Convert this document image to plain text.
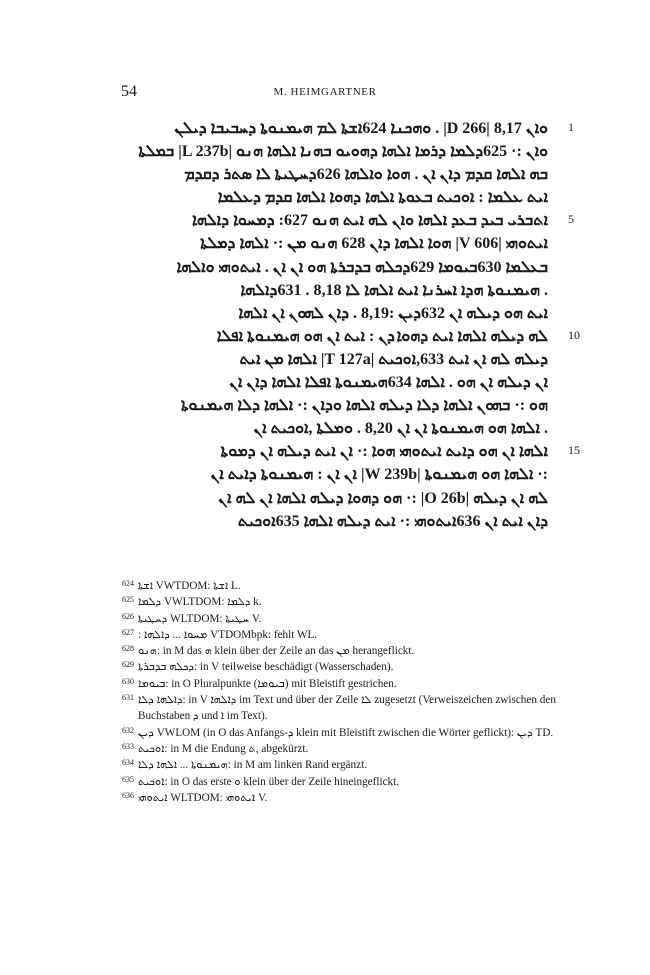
54	M. HEIMGARTNER
ܘܐܢ 8,17 |D 266| . ܘܗܟܢܐ 624ܐܫܬܐ ܠܡ ܗܝܡܢܘܬܐ ܕܚܒܝܒܐ ܕܝܠܢ 1
ܘܐܢ :· 625ܕܠܡܐ ܕܪܡܐ ܐܠܗܐ ܕܗܘܝܘ ܒܗܢܐ ܐܠܗܐ ܗܢܘ |L 237b| ܒܡܠܬܐ
ܒܗ ܐܠܗܐ ܩܕܡ ܕܐܢ ܐܢ . ܗܘܐ ܘܐܠܗܐ 626ܕܚܛܝܬܐ ܠܐ ܣܬܪ ܕܩܕܡ
ܐܝܬ ܥܠܡܐ : ܐܘܟܝܬ ܒܥܘܬܐ ܐܠܗܐ ܕܗܘܐ ܐܠܗܐ ܩܕܡ ܕܥܠܡܐ
ܐܬܒܪܝ ܒܝܕ ܒܥܕ ܐܠܗܐ ܘܐܢ ܠܗ ܐܝܬ ܗܢܘ 627: ܕܡܚܘܐ ܕܐܠܗܐ 5
ܐܝܬܘܗܝ |V 606| ܗܘܐ ܐܠܗܐ ܕܐܢ 628 ܗܢܘ ܡܢ :· ܐܠܗܐ ܕܡܠܬܐ
ܒܥܠܡܐ 630ܒܝܘܡܐ 629ܕܟܠܗ ܒܕܒܪܬܐ ܗܘ ܐܢ ܐܢ . ܐܝܬܘܗܝ ܘܐܠܗܐ
. ܗܝܡܢܘܬܐ ܗܕܐ ܐܚܪܢܐ ܐܝܬ ܐܠܗܐ ܠܐ 8,18 . 631ܕܐܠܗܐ
ܐܝܬ ܗܘ ܕܝܠܗ ܐܢ 632ܕܝܢ :8,19 . ܕܐܢ ܠܗܘܢ ܐܢ ܐܠܗܐ
ܠܗ ܕܝܠܗ ܐܠܗܐ ܐܝܬ ܕܗܘܐ ܕܢ : ܐܝܬ ܐܢ ܗܘ ܗܝܡܢܘܬܐ ܐܦܠܐ 10
ܕܝܠܗ ܠܗ ܐܢ ܐܝܬ 633,ܐܘܟܝܬ |T 127a| ܐܠܗܐ ܡܢ ܐܝܬ
ܐܢ ܕܝܠܗ ܐܢ ܗܘ . ܐܠܗܐ 634ܗܝܡܢܘܬܐ ܐܦܠܐ ܐܠܗܐ ܕܐܢ ܐܢ
ܗܘ :· ܒܗܘܢ ܐܠܗܐ ܕܠܐ ܕܝܠܗ ܐܠܗܐ ܘܕܐܢ :· ܐܠܗܐ ܕܠܐ ܗܝܡܢܘܬܐ
. ܐܠܗܐ ܗܘ ܗܝܡܢܘܬܐ ܐܢ ܐܢ 8,20 . ܘܡܠܬܐ ,ܐܘܟܝܬ ܐܢ
ܐܠܗܐ ܐܢ ܗܘ ܕܐܝܬ ܐܝܬܘܗܝ ܗܘܐ :· ܐܢ ܐܝܬ ܕܝܠܗ ܐܢ ܕܡܘܬܐ 15
:· ܐܠܗܐ ܗܘ ܗܝܡܢܘܬܐ |W 239b| ܐܢ ܐܢ : ܗܝܡܢܘܬܐ ܕܐܝܬ ܐܢ
ܠܗ ܐܢ ܕܝܠܗ |O 26b| :· ܗܘ ܕܗܘܐ ܕܝܠܗ ܐܠܗܐ ܐܢ ܠܗ ܐܢ
ܕܐܢ ܐܝܬ ܐܢ 636ܐܝܬܘܗܝ :· ܐܝܬ ܕܝܠܗ ܐܠܗܐ 635ܐܘܟܝܬ
624 ܐܫܬܐ VWTDOM: ܐܫܬܐ L.
625 ܕܠܡܐ VWLTDOM: ܕܠܡܐ k.
626 ܕܚܛܝܬܐ WLTDOM: ܚܛܝܬܐ V.
627 : ܡܚܘܐ ... ܕܐܠܗܐ VTDOMbpk: fehlt WL.
628 ܗܢܘ: in M das ܗ klein über der Zeile an das ܡܢ herangeflickt.
629 ܕܟܠܗ ܒܕܒܪܬܐ: in V teilweise beschädigt (Wasserschaden).
630 ܒܝܘܡܐ: in O Pluralpunkte (ܒܝܘܡܐ) mit Bleistift gestrichen.
631 ܕܐܠܗܐ ܕܠܐ: in V ܕܐܠܗܐ im Text und über der Zeile ܠܐ zugesetzt (Verweiszeichen zwischen den Buchstaben ܕ und ܐ im Text).
632 ܕܝܢ VWLOM (in O das Anfangs-ܕ klein mit Bleistift zwischen die Wörter geflickt): ܕܝܢ TD.
633 ܐܘܟܝܬ: in M die Endung ܬ, abgekürzt.
634 ܗܝܡܢܘܬܐ ... ܐܠܗܐ ܕܠܐ: in M am linken Rand ergänzt.
635 ܐܘܟܝܬ: in O das erste ܘ klein über der Zeile hineingeflickt.
636 ܐܝܬܘܗܝ WLTDOM: ܐܝܬܘܗܝ V.
